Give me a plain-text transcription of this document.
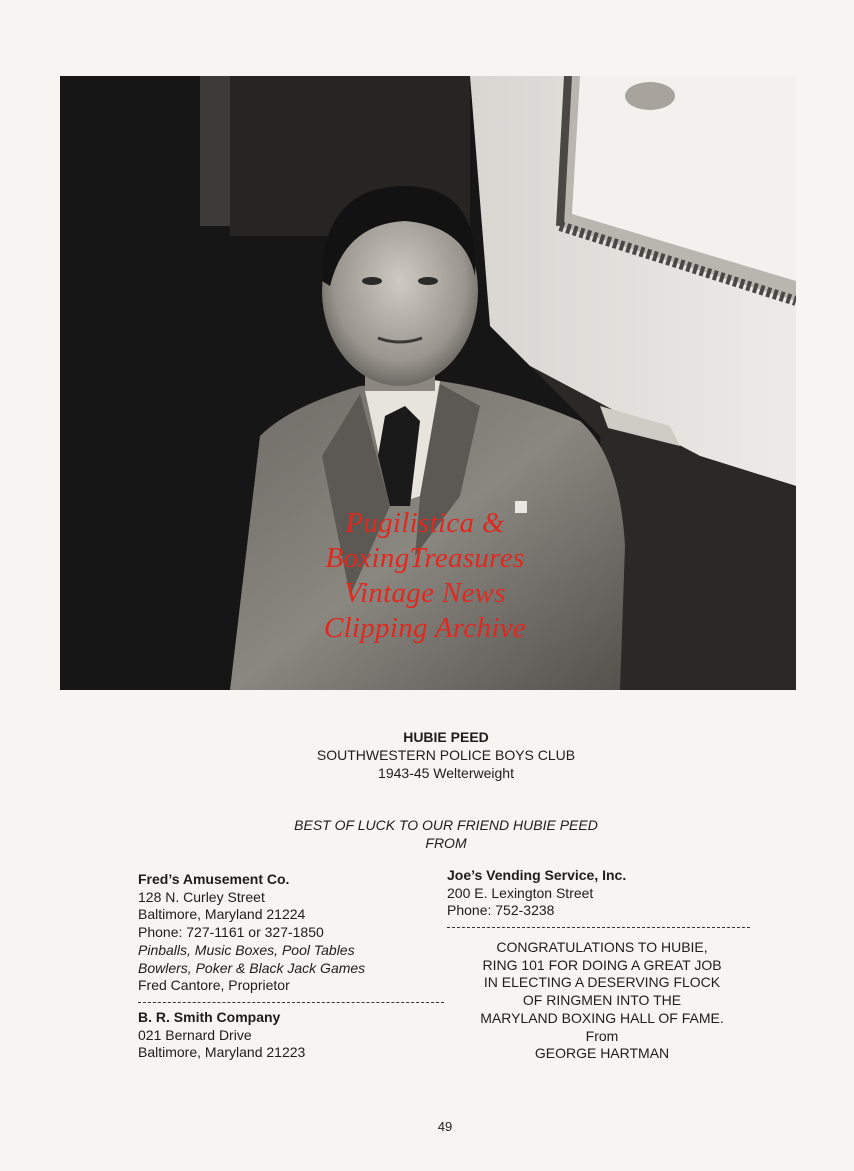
Pugilistica &
BoxingTreasures
Vintage News
Clipping Archive
HUBIE PEED
SOUTHWESTERN POLICE BOYS CLUB
1943-45 Welterweight
BEST OF LUCK TO OUR FRIEND HUBIE PEED
FROM
Fred’s Amusement Co.
128 N. Curley Street
Baltimore, Maryland 21224
Phone: 727-1161 or 327-1850
Pinballs, Music Boxes, Pool Tables
Bowlers, Poker & Black Jack Games
Fred Cantore, Proprietor
B. R. Smith Company
021 Bernard Drive
Baltimore, Maryland 21223
Joe’s Vending Service, Inc.
200 E. Lexington Street
Phone: 752-3238
CONGRATULATIONS TO HUBIE,
RING 101 FOR DOING A GREAT JOB
IN ELECTING A DESERVING FLOCK
OF RINGMEN INTO THE
MARYLAND BOXING HALL OF FAME.
From
GEORGE HARTMAN
49
